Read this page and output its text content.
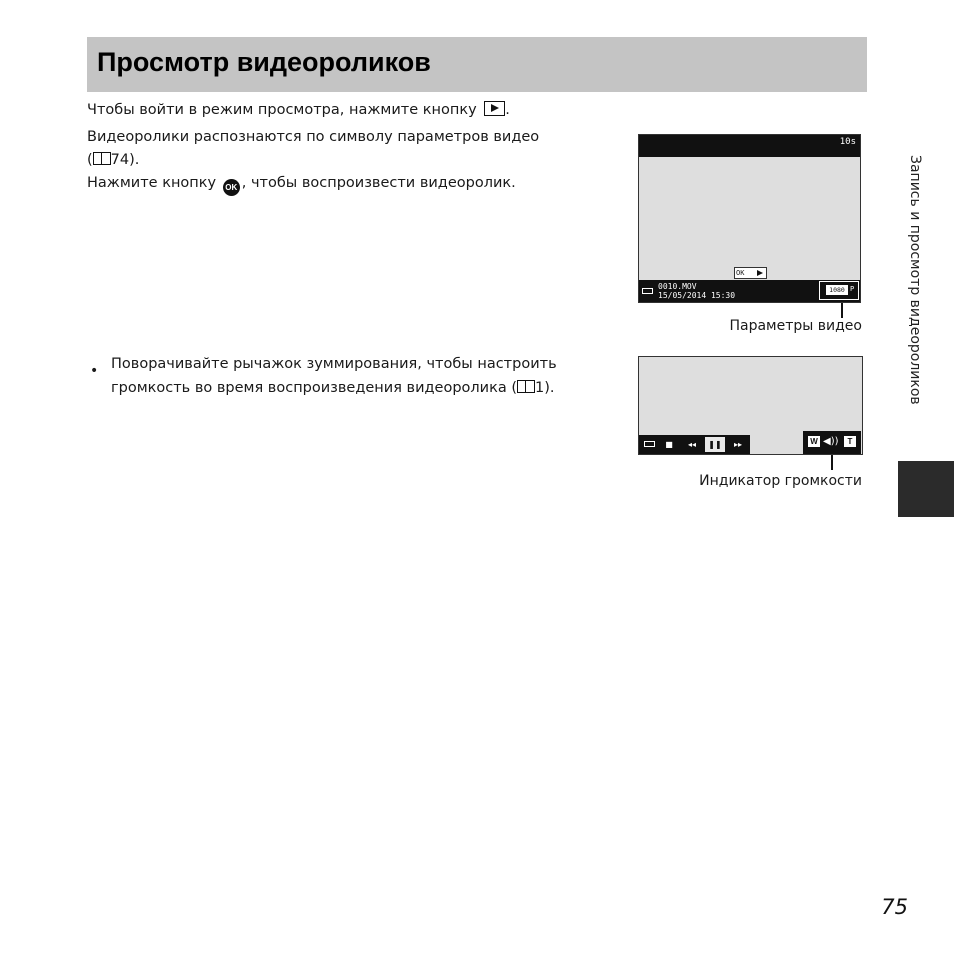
Просмотр видеороликов
Чтобы войти в режим просмотра, нажмите кнопку .
Видеоролики распознаются по символу параметров видео
( 74).
Нажмите кнопку OK , чтобы воспроизвести видеоролик.
10s
OK
0010.MOV
15/05/2014 15:30
1080 P
Параметры видео
• Поворачивайте рычажок зуммирования, чтобы настроить
громкость во время воспроизведения видеоролика ( 1).
■	◂◂	❚❚	▸▸	W ◀))	T
Индикатор громкости
Запись и просмотр видеороликов
75
